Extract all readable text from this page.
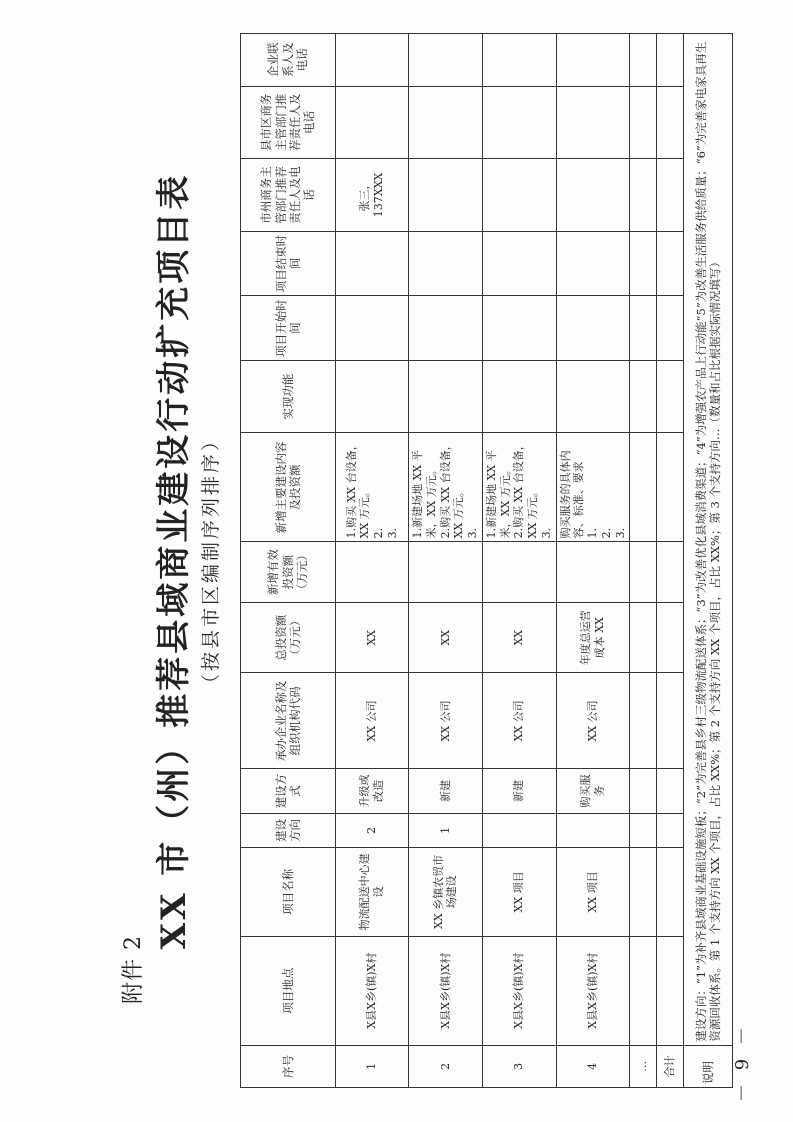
附件 2
XX 市（州）推荐县域商业建设行动扩充项目表 （按县市区编制序列排序）
序号	项目地点	项目名称	建设方向	建设方式	承办企业名称及组织机构代码	总投资额（万元）	新增有效投资额（万元）	新增主要建设内容及投资额	实现功能	项目开始时间	项目结束时间	市州商务主管部门推荐责任人及电话	县市区商务主管部门推荐责任人及电话	企业联系人及电话
1	X县X乡(镇)X村	物流配送中心建设	2	升级或改造	XX 公司	XX		1.购买 XX 台设备，XX 万元。 2. 3.				张三，137XXX		
2	X县X乡(镇)X村	XX 乡镇农贸市场建设	1	新建	XX 公司	XX		1.新建场地 XX 平米，XX 万元。 2.购买 XX 台设备，XX 万元。 3.						

3	X县X乡(镇)X村	XX 项目		新建	XX 公司	XX		1.新建场地 XX 平米，XX 万元。 2.购买 XX 台设备，XX 万元。 3.						

4	X县X乡(镇)X村	XX 项目		购买服务	XX 公司	年度总运营成本 XX		购买服务的具体内容、标准、要求 1. 2. 3.						

…														
合计														
说明	建设方向：“1”为补齐县域商业基础设施短板；“2”为完善县乡村三级物流配送体系；“3”为改善优化县域消费渠道；“4”为增强农产品上行动能“5”为改善生活服务供给质量；“6”为完善家电家具再生资源回收体系。第 1 个支持方向 XX 个项目，占比 XX%；第 2 个支持方向 XX 个项目，占比 XX%；第 3 个支持方向…（数量和占比根据实际情况填写）													
－ 9 －
